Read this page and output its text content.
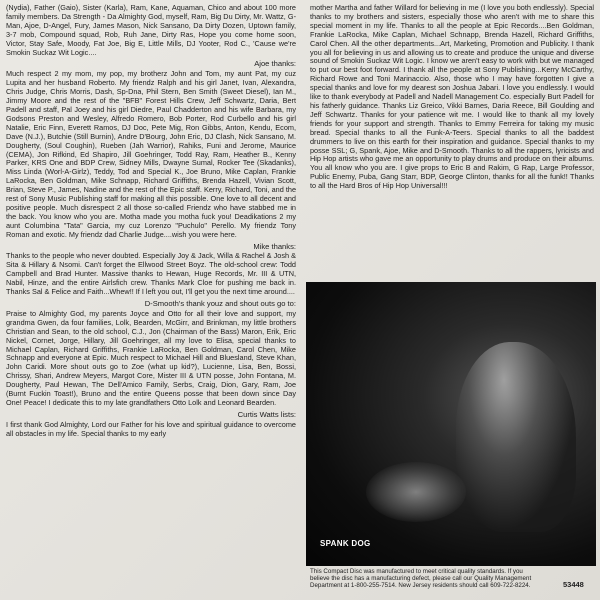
(Nydia), Father (Gaio), Sister (Karla), Ram, Kane, Aquaman, Chico and about 100 more family members. Da Strength - Da Almighty God, myself, Ram, Big Du Dirty, Mr. Wattz, G-Man, Ajoe, D-Angel, Fury, James Mason, Nick Sansano, Da Dirty Dozen, Uptown family, 3-7 mob, Compound squad, Rob, Ruh Jane, Dirty Ras, Hope you come home soon, Victor, Stay Safe, Moody, Fat Joe, Big E, Little Mills, DJ Yooter, Rod C., 'Cause we're Smokin Suckaz Wit Logic....
Ajoe thanks:
Much respect 2 my mom, my pop, my brotherz John and Tom, my aunt Pat, my cuz Lupita and her husband Roberto. My friendz Ralph and his girl Janet, Ivan, Alexandra, Chris Judge, Chris Morris, Dash, Sp-Dna, Phil Stern, Ben Smith (Sweet Diesel), Ian M., Jimmy Moore and the rest of the "BFB" Forest Hills Crew, Jeff Schwartz, Daria, Bert Padell and staff, Pal Joey and his girl Diedre, Paul Chadderton and his wife Barbara, my Godsons Preston and Wesley, Alfredo Romero, Bob Porter, Rod Curbello and his girl Natalie, Eric Finn, Everett Ramos, DJ Doc, Pete Mig, Ron Gibbs, Anton, Kendu, Ecom, Dave (N.J.), Butchie (Still Burnin), Andre D'Bourg, John Eric, DJ Clash, Nick Sansano, M. Dougherty, (Soul Coughin), Rueben (Jah Warrior), Rahiks, Funi and Jerome, Maurice (CEMA), Jon Rifkind, Ed Shapiro, Jill Goehringer, Todd Ray, Ram, Heather B., Kenny Parker, KRS One and BDP Crew, Sidney Mills, Dwayne Sumal, Rocker Tee (Skadanks), Miss Linda (Worl-A-Girlz), Teddy, Tod and Special K., Joe Bruno, Mike Caplan, Frankie LaRocka, Ben Goldman, Mike Schnapp, Richard Griffiths, Brenda Hazell, Vivian Scott, Brian, Steve P., James, Nadine and the rest of the Epic staff. Kerry, Richard, Toni, and the rest of Sony Music Publishing staff for making all this possible. One love to all decent and positive people. Much disrespect 2 all those so-called Friendz who have stabbed me in the back. You know who you are. Motha made you motha fuck you! Deadikations 2 my aunt Columbina "Tata" Garcia, my cuz Lorenzo "Puchulo" Perello. My friendz Tony Roman and exotic. My friendz dad Charlie Judge....wish you were here.
Mike thanks:
Thanks to the people who never doubted. Especially Joy & Jack, Willa & Rachel & Josh & Sita & Hillary & Nsomi. Can't forget the Ellwood Street Boyz. The old-school crew: Todd Campbell and Brad Hunter. Massive thanks to Hewan, Huge Records, Mr. III & UTN, Nabil, Hinze, and the entire Airlsfich crew. Thanks Mark Cloe for pushing me back in. Thanks Sal & Felice and Faith...Whew!! If I left you out, I'll get you the next time around....
D-Smooth's thank youz and shout outs go to:
Praise to Almighty God, my parents Joyce and Otto for all their love and support, my grandma Gwen, da four families, Lolk, Bearden, McGirr, and Brinkman, my little brothers Christian and Sean, to the old school, C.J., Jon (Chairman of the Bass) Maron, Erik, Eric Nickel, Cornet, Jorge, Hillary, Jill Goehringer, all my love to Elisa, special thanks to Michael Caplan, Richard Griffiths, Frankie LaRocka, Ben Goldman, Carol Chen, Mike Schnapp and everyone at Epic. Much respect to Michael Hill and Bluesland, Steve Khan, John Caridi. More shout outs go to Zoe (what up kid?), Lucienne, Lisa, Ben, Bossi, Chrissy, Shari, Andrew Meyers, Margot Core, Mister III & UTN posse, John Fontana, M. Dougherty, Paul Hewan, The Dell'Amico Family, Serbs, Craig, Dion, Gary, Ram, Joe (Burnt Fuckin Toast!), Bruno and the entire Queens posse that been down since Day One! Peace! I dedicate this to my late grandfathers Otto Lolk and Leonard Bearden.
Curtis Watts lists:
I first thank God Almighty, Lord our Father for his love and spiritual guidance to overcome all obstacles in my life. Special thanks to my early
mother Martha and father Willard for believing in me (I love you both endlessly). Special thanks to my brothers and sisters, especially those who aren't with me to share this special moment in my life. Thanks to all the people at Epic Records....Ben Goldman, Frankie LaRocka, Mike Caplan, Michael Schnapp, Brenda Hazell, Richard Griffiths, Carol Chen. All the other departments...Art, Marketing, Promotion and Publicity. I thank you all for believing in us and allowing us to create and produce the unique and diverse sound of Smokin Suckaz Wit Logic. I know we aren't easy to work with but we managed to put our best foot forward. I thank all the people at Sony Publishing...Kerry McCarthy, Richard Rowe and Toni Marinaccio. Also, those who I may have forgotten I give a special thanks and love for my dearest son Joshua Jabari. I love you endlessly. I would like to thank everybody at Padell and Nadell Management Co. especially Burt Padell for his fatherly guidance. Thanks Liz Greico, Vikki Barnes, Daria Reece, Bill Goulding and Jeff Schwartz. Thanks for your patience wit me. I would like to thank all my lovely friends for your support and strength. Thanks to Emmy Ferreira for taking my music bread. Special thanks to all the Funk-A-Teers. Special thanks to all the baddest drummers to live on this earth for their inspiration and guidance. Special thanks to my posse SSL; G, Spank, Ajoe, Mike and D-Smooth. Thanks to all the rappers, lyricists and Hip Hop artists who gave me an opportunity to play drums and produce on their albums. You all know who you are. I give props to Eric B and Rakim, G Rap, Large Professor, Public Enemy, Puba, Gang Starr, BDP, George Clinton, thanks for all the funk!! Thanks to all the Hard Bros of Hip Hop Universal!!!
SPANK DOG
This Compact Disc was manufactured to meet critical quality standards. If you believe the disc has a manufacturing defect, please call our Quality Management Department at 1-800-255-7514. New Jersey residents should call 609-722-8224.	53448
